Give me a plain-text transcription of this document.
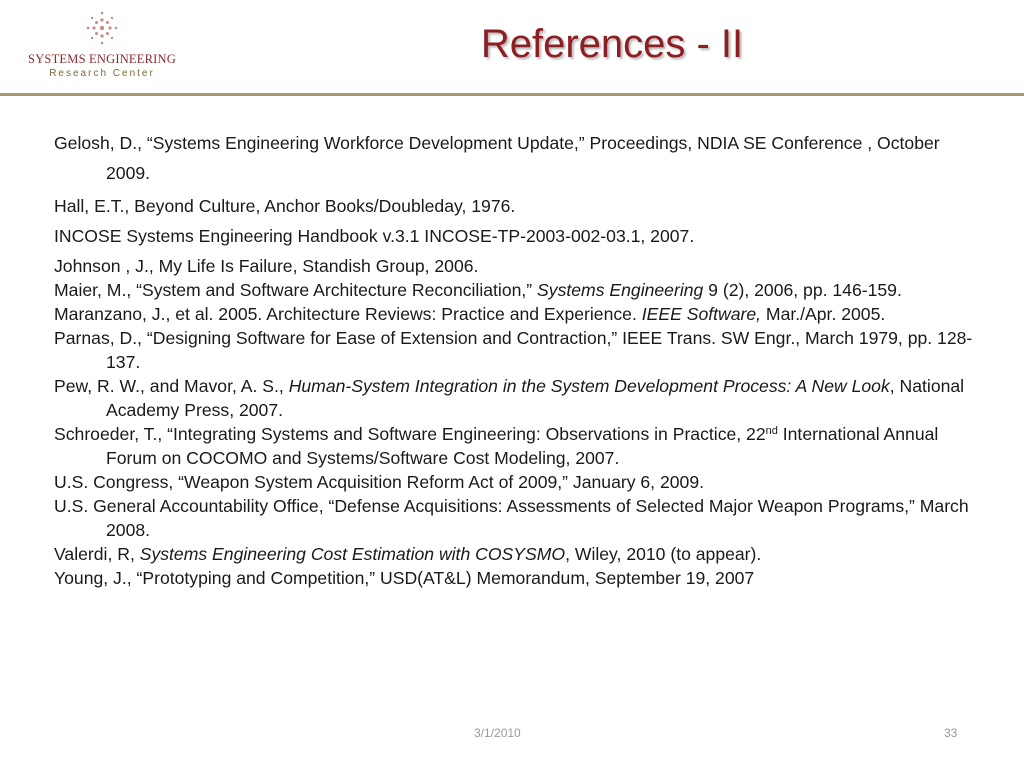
SYSTEMS ENGINEERING
Research Center
References - II
Gelosh, D., “Systems Engineering Workforce Development Update,” Proceedings, NDIA SE Conference , October 2009.
Hall, E.T., Beyond Culture, Anchor Books/Doubleday, 1976.
INCOSE Systems Engineering Handbook v.3.1 INCOSE-TP-2003-002-03.1, 2007.
Johnson , J., My Life Is Failure, Standish Group, 2006.
Maier, M., “System and Software Architecture Reconciliation,” Systems Engineering 9 (2), 2006, pp. 146-159.
Maranzano, J., et al. 2005. Architecture Reviews: Practice and Experience. IEEE Software, Mar./Apr. 2005.
Parnas, D., “Designing Software for Ease of Extension and Contraction,” IEEE Trans. SW Engr., March 1979, pp. 128-137.
Pew, R. W., and Mavor, A. S., Human-System Integration in the System Development Process: A New Look, National Academy Press, 2007.
Schroeder, T., “Integrating Systems and Software Engineering: Observations in Practice, 22nd International Annual Forum on COCOMO and Systems/Software Cost Modeling, 2007.
U.S. Congress, “Weapon System Acquisition Reform Act of 2009,” January 6, 2009.
U.S. General Accountability Office, “Defense Acquisitions: Assessments of Selected Major Weapon Programs,” March 2008.
Valerdi, R, Systems Engineering Cost Estimation with COSYSMO, Wiley, 2010 (to appear).
Young, J., “Prototyping and Competition,” USD(AT&L) Memorandum, September 19, 2007
3/1/2010	33
